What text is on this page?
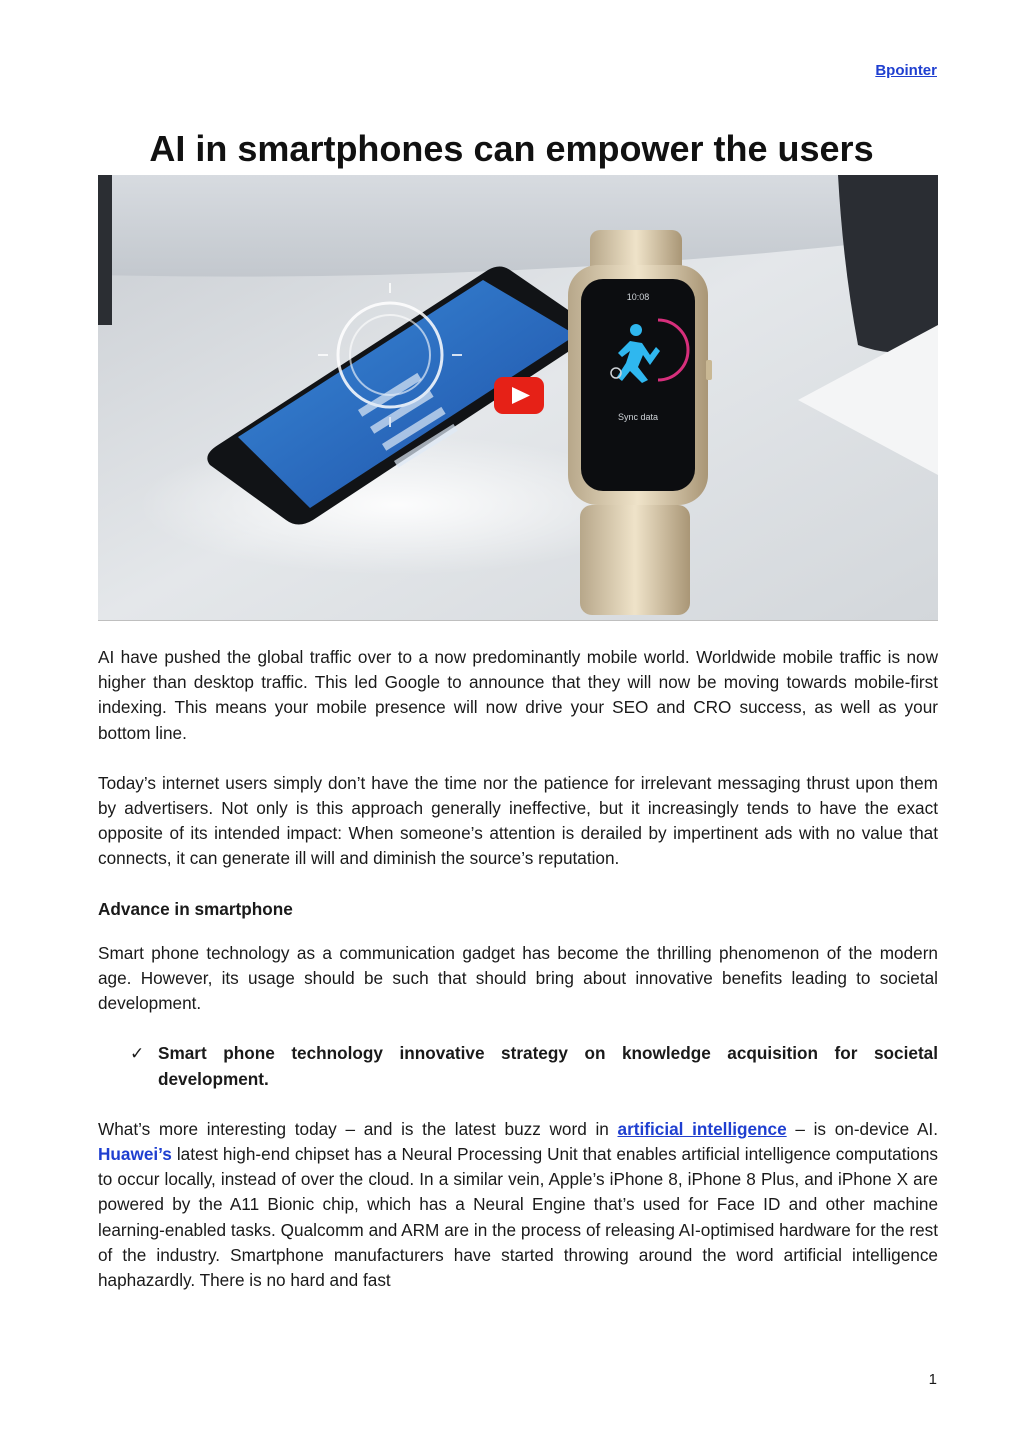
Bpointer
AI in smartphones can empower the users
10:08
Sync data

AI have pushed the global traffic over to a now predominantly mobile world. Worldwide mobile traffic is now higher than desktop traffic. This led Google to announce that they will now be moving towards mobile-first indexing. This means your mobile presence will now drive your SEO and CRO success, as well as your bottom line.

Today’s internet users simply don’t have the time nor the patience for irrelevant messaging thrust upon them by advertisers. Not only is this approach generally ineffective, but it increasingly tends to have the exact opposite of its intended impact: When someone’s attention is derailed by impertinent ads with no value that connects, it can generate ill will and diminish the source’s reputation.

Advance in smartphone

Smart phone technology as a communication gadget has become the thrilling phenomenon of the modern age. However, its usage should be such that should bring about innovative benefits leading to societal development.

✓ Smart phone technology innovative strategy on knowledge acquisition for societal development.

What’s more interesting today – and is the latest buzz word in artificial intelligence – is on-device AI. Huawei’s latest high-end chipset has a Neural Processing Unit that enables artificial intelligence computations to occur locally, instead of over the cloud. In a similar vein, Apple’s iPhone 8, iPhone 8 Plus, and iPhone X are powered by the A11 Bionic chip, which has a Neural Engine that’s used for Face ID and other machine learning-enabled tasks. Qualcomm and ARM are in the process of releasing AI-optimised hardware for the rest of the industry. Smartphone manufacturers have started throwing around the word artificial intelligence haphazardly. There is no hard and fast

1
